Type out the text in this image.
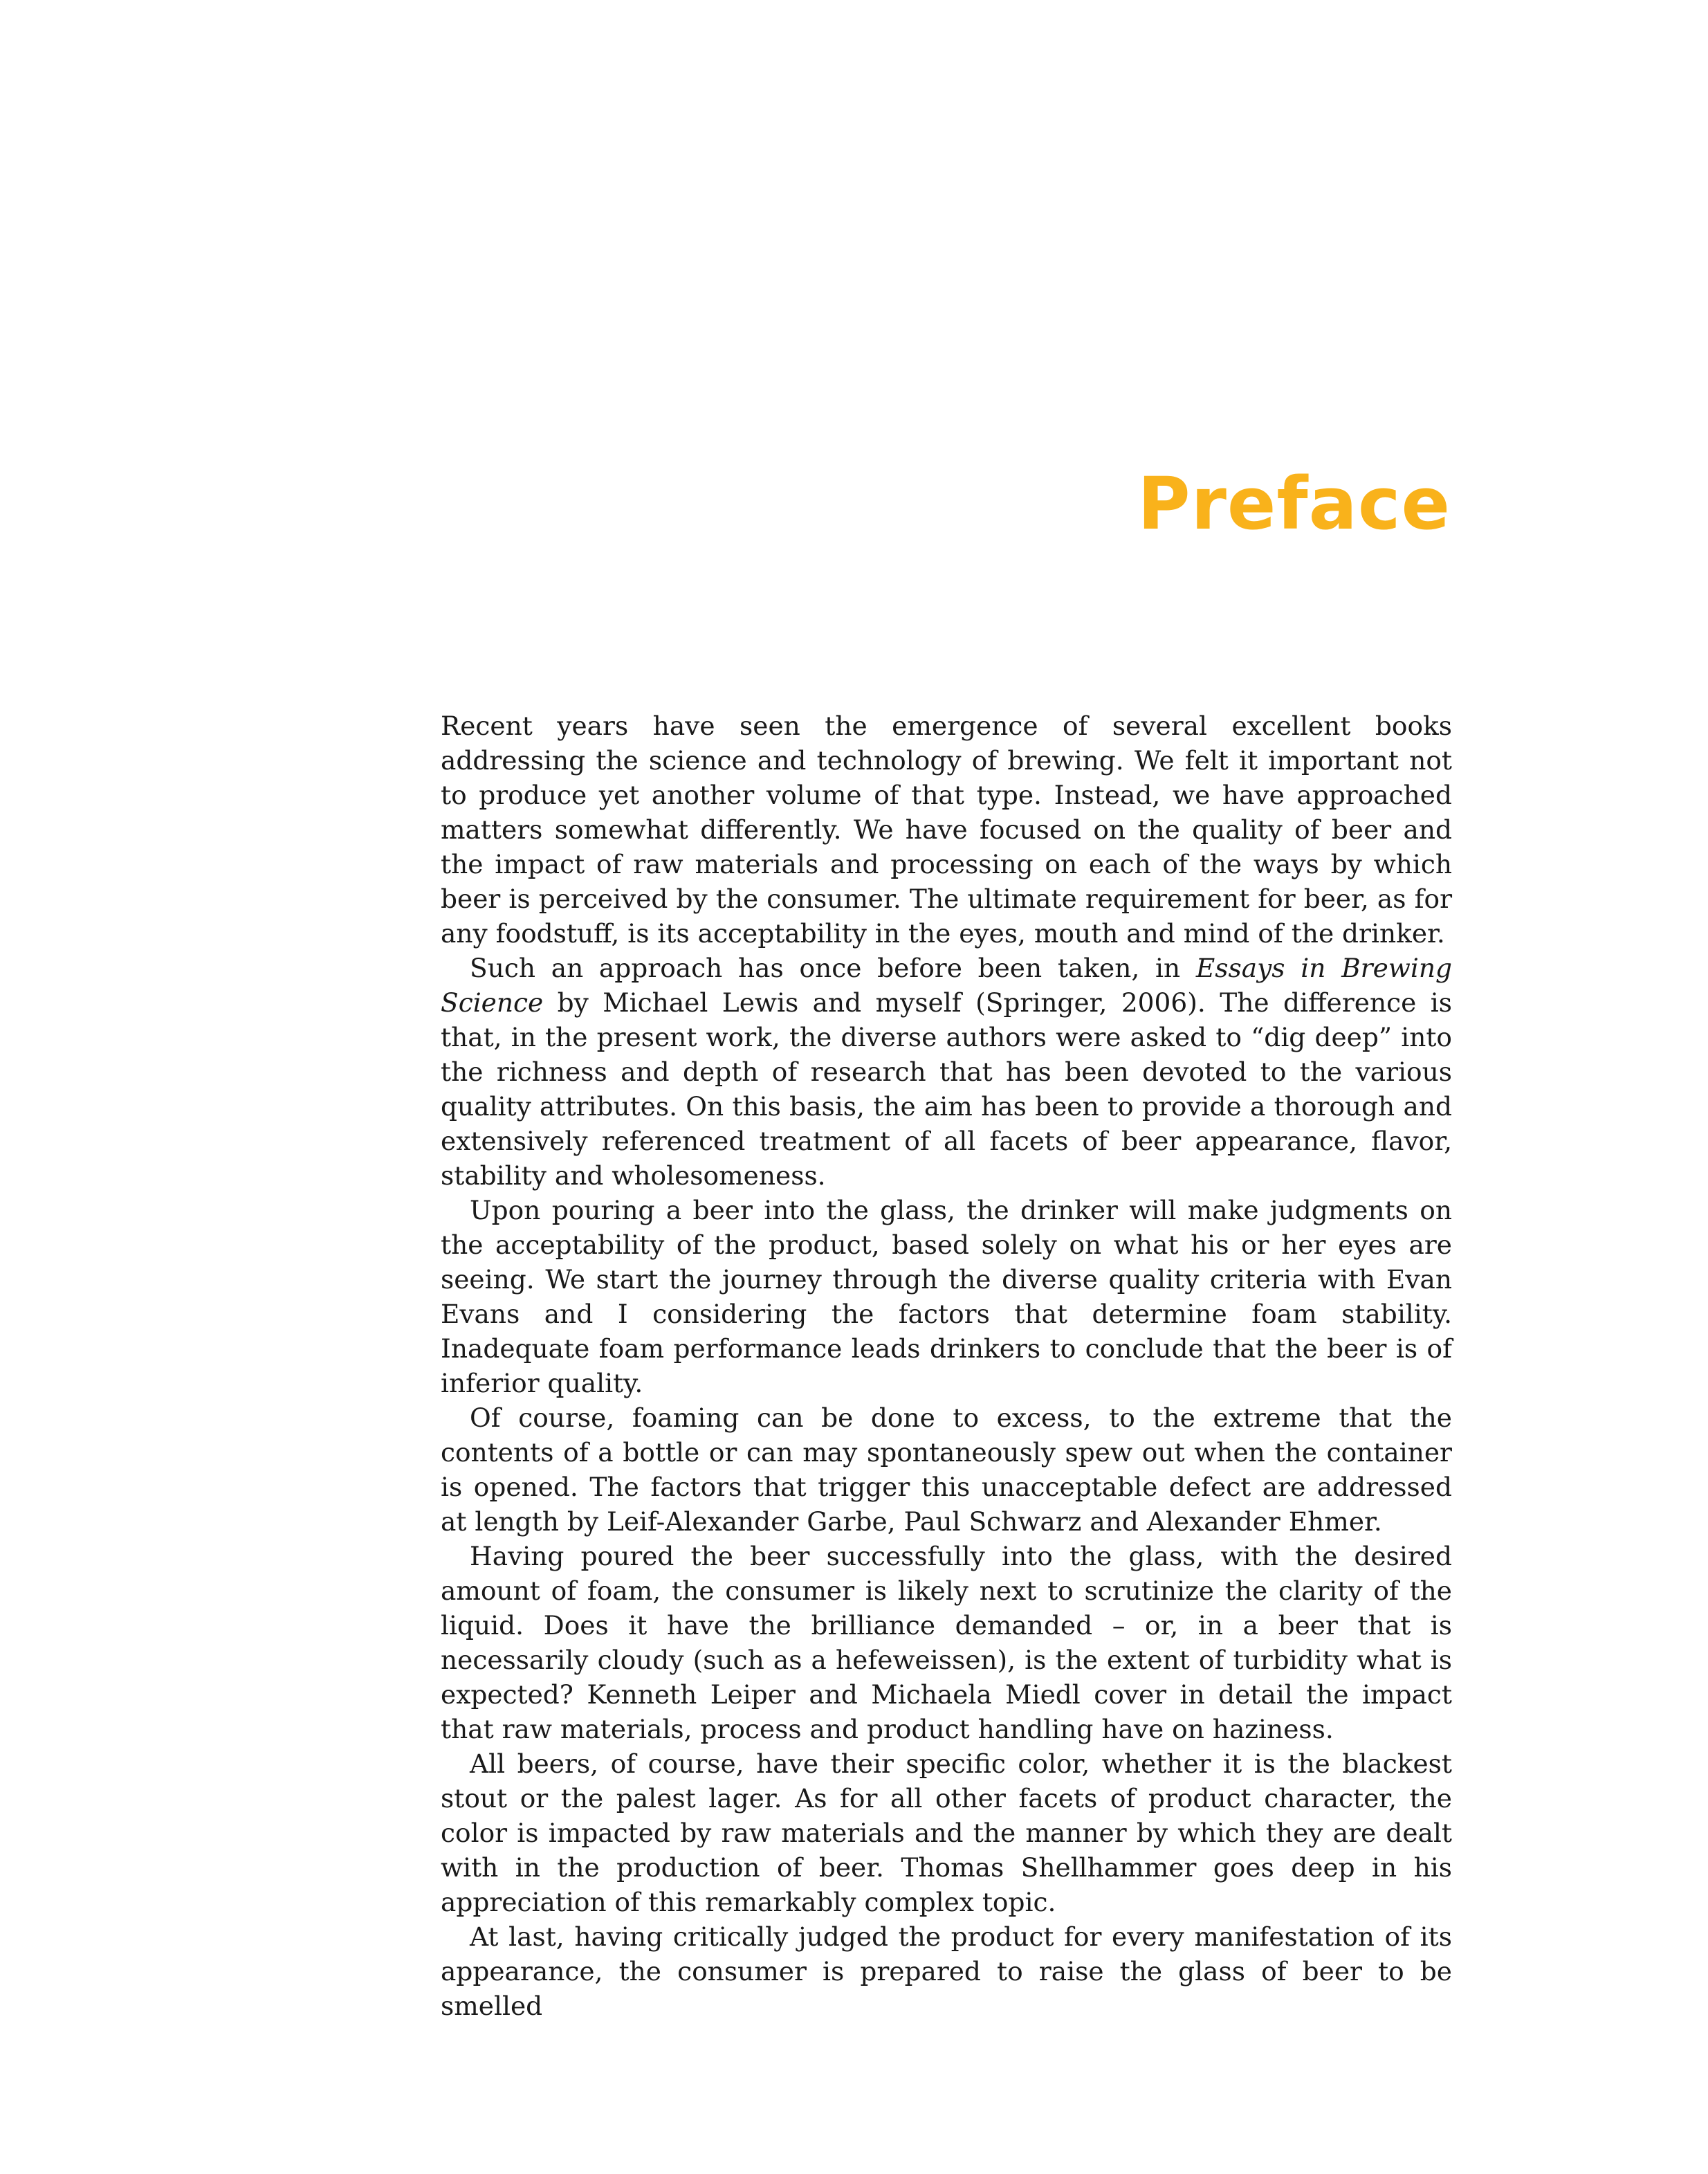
Preface

Recent years have seen the emergence of several excellent books addressing the science and technology of brewing. We felt it important not to produce yet another volume of that type. Instead, we have approached matters somewhat differently. We have focused on the quality of beer and the impact of raw materials and processing on each of the ways by which beer is perceived by the consumer. The ultimate requirement for beer, as for any foodstuff, is its acceptability in the eyes, mouth and mind of the drinker.

Such an approach has once before been taken, in Essays in Brewing Science by Michael Lewis and myself (Springer, 2006). The difference is that, in the present work, the diverse authors were asked to “dig deep” into the richness and depth of research that has been devoted to the various quality attributes. On this basis, the aim has been to provide a thorough and extensively referenced treatment of all facets of beer appearance, flavor, stability and wholesomeness.

Upon pouring a beer into the glass, the drinker will make judgments on the acceptability of the product, based solely on what his or her eyes are seeing. We start the journey through the diverse quality criteria with Evan Evans and I considering the factors that determine foam stability. Inadequate foam performance leads drinkers to conclude that the beer is of inferior quality.

Of course, foaming can be done to excess, to the extreme that the contents of a bottle or can may spontaneously spew out when the container is opened. The factors that trigger this unacceptable defect are addressed at length by Leif-Alexander Garbe, Paul Schwarz and Alexander Ehmer.

Having poured the beer successfully into the glass, with the desired amount of foam, the consumer is likely next to scrutinize the clarity of the liquid. Does it have the brilliance demanded – or, in a beer that is necessarily cloudy (such as a hefeweissen), is the extent of turbidity what is expected? Kenneth Leiper and Michaela Miedl cover in detail the impact that raw materials, process and product handling have on haziness.

All beers, of course, have their specific color, whether it is the blackest stout or the palest lager. As for all other facets of product character, the color is impacted by raw materials and the manner by which they are dealt with in the production of beer. Thomas Shellhammer goes deep in his appreciation of this remarkably complex topic.

At last, having critically judged the product for every manifestation of its appearance, the consumer is prepared to raise the glass of beer to be smelled
